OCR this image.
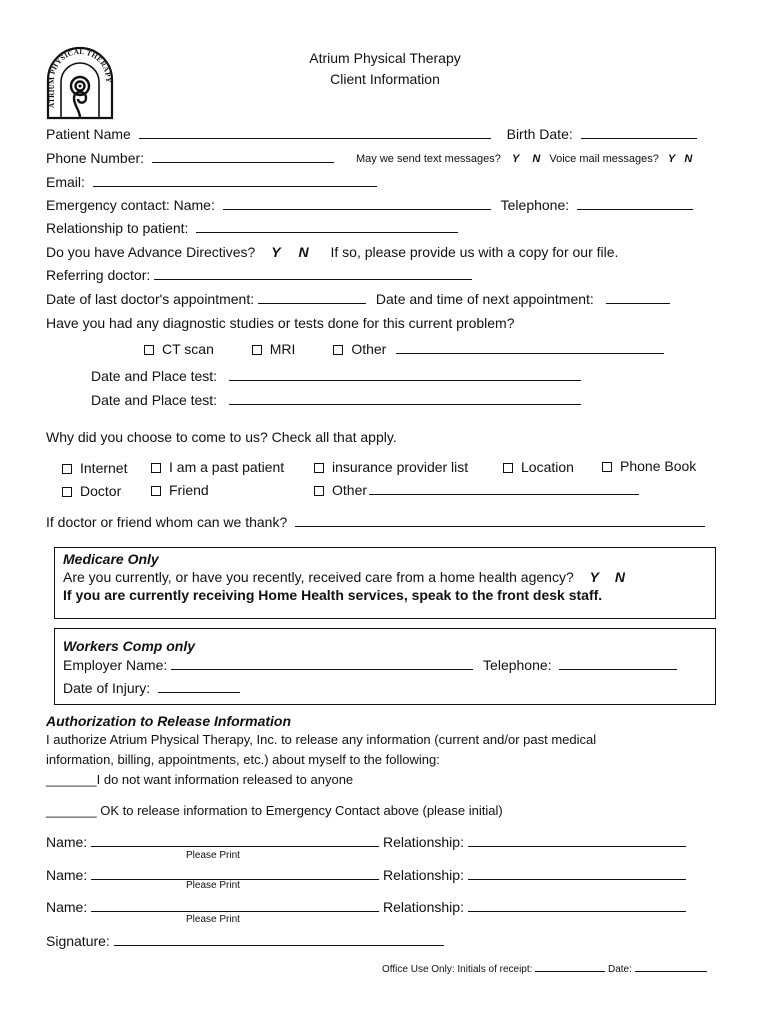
ATRIUM PHYSICAL THERAPY
Atrium Physical Therapy
Client Information
Patient Name	Birth Date:
Phone Number:	May we send text messages? Y N Voice mail messages? Y N
Email:
Emergency contact: Name:	Telephone:
Relationship to patient:
Do you have Advance Directives? Y N If so, please provide us with a copy for our file.
Referring doctor:
Date of last doctor's appointment:	Date and time of next appointment:
Have you had any diagnostic studies or tests done for this current problem?
CT scan	MRI	Other
Date and Place test:
Date and Place test:
Why did you choose to come to us? Check all that apply.
Internet	I am a past patient	insurance provider list	Location	Phone Book
Doctor	Friend	Other
If doctor or friend whom can we thank?
Medicare Only
Are you currently, or have you recently, received care from a home health agency? Y N
If you are currently receiving Home Health services, speak to the front desk staff.
Workers Comp only
Employer Name:	Telephone:
Date of Injury:
Authorization to Release Information
I authorize Atrium Physical Therapy, Inc. to release any information (current and/or past medical
information, billing, appointments, etc.) about myself to the following:
_______I do not want information released to anyone
_______ OK to release information to Emergency Contact above (please initial)
Name:	Relationship:
Please Print
Name:	Relationship:
Please Print
Name:	Relationship:
Please Print
Signature:
Office Use Only: Initials of receipt:	Date:
